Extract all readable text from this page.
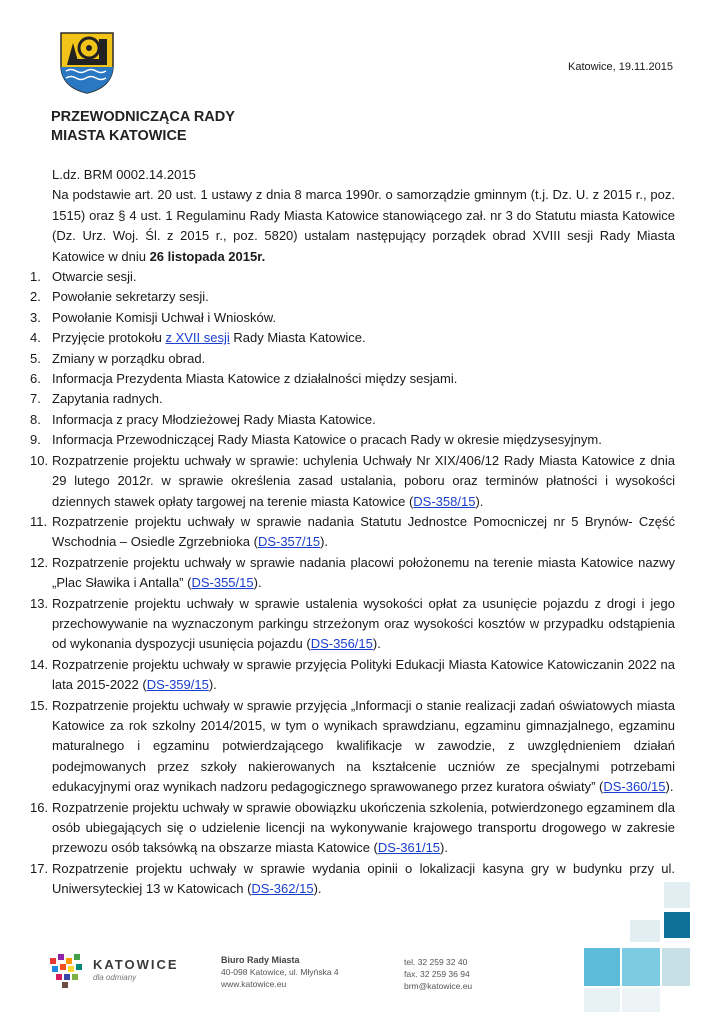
Katowice, 19.11.2015
PRZEWODNICZĄCA RADY
MIASTA KATOWICE
L.dz. BRM 0002.14.2015
Na podstawie art. 20 ust. 1 ustawy z dnia 8 marca 1990r. o samorządzie gminnym (t.j. Dz. U. z 2015 r., poz. 1515) oraz § 4 ust. 1 Regulaminu Rady Miasta Katowice stanowiącego zał. nr 3 do Statutu miasta Katowice (Dz. Urz. Woj. Śl. z 2015 r., poz. 5820) ustalam następujący porządek obrad XVIII sesji Rady Miasta Katowice w dniu 26 listopada 2015r.
1. Otwarcie sesji.
2. Powołanie sekretarzy sesji.
3. Powołanie Komisji Uchwał i Wniosków.
4. Przyjęcie protokołu z XVII sesji Rady Miasta Katowice.
5. Zmiany w porządku obrad.
6. Informacja Prezydenta Miasta Katowice z działalności między sesjami.
7. Zapytania radnych.
8. Informacja z pracy Młodzieżowej Rady Miasta Katowice.
9. Informacja Przewodniczącej Rady Miasta Katowice o pracach Rady w okresie międzysesyjnym.
10. Rozpatrzenie projektu uchwały w sprawie: uchylenia Uchwały Nr XIX/406/12 Rady Miasta Katowice z dnia 29 lutego 2012r. w sprawie określenia zasad ustalania, poboru oraz terminów płatności i wysokości dziennych stawek opłaty targowej na terenie miasta Katowice (DS-358/15).
11. Rozpatrzenie projektu uchwały w sprawie nadania Statutu Jednostce Pomocniczej nr 5 Brynów- Część Wschodnia – Osiedle Zgrzebnioka (DS-357/15).
12. Rozpatrzenie projektu uchwały w sprawie nadania placowi położonemu na terenie miasta Katowice nazwy „Plac Sławika i Antalla” (DS-355/15).
13. Rozpatrzenie projektu uchwały w sprawie ustalenia wysokości opłat za usunięcie pojazdu z drogi i jego przechowywanie na wyznaczonym parkingu strzeżonym oraz wysokości kosztów w przypadku odstąpienia od wykonania dyspozycji usunięcia pojazdu (DS-356/15).
14. Rozpatrzenie projektu uchwały w sprawie przyjęcia Polityki Edukacji Miasta Katowice Katowiczanin 2022 na lata 2015-2022 (DS-359/15).
15. Rozpatrzenie projektu uchwały w sprawie przyjęcia „Informacji o stanie realizacji zadań oświatowych miasta Katowice za rok szkolny 2014/2015, w tym o wynikach sprawdzianu, egzaminu gimnazjalnego, egzaminu maturalnego i egzaminu potwierdzającego kwalifikacje w zawodzie, z uwzględnieniem działań podejmowanych przez szkoły nakierowanych na kształcenie uczniów ze specjalnymi potrzebami edukacyjnymi oraz wynikach nadzoru pedagogicznego sprawowanego przez kuratora oświaty” (DS-360/15).
16. Rozpatrzenie projektu uchwały w sprawie obowiązku ukończenia szkolenia, potwierdzonego egzaminem dla osób ubiegających się o udzielenie licencji na wykonywanie krajowego transportu drogowego w zakresie przewozu osób taksówką na obszarze miasta Katowice (DS-361/15).
17. Rozpatrzenie projektu uchwały w sprawie wydania opinii o lokalizacji kasyna gry w budynku przy ul. Uniwersyteckiej 13 w Katowicach (DS-362/15).
KATOWICE
dla odmiany
Biuro Rady Miasta
40-098 Katowice, ul. Młyńska 4
www.katowice.eu
tel. 32 259 32 40
fax. 32 259 36 94
brm@katowice.eu
